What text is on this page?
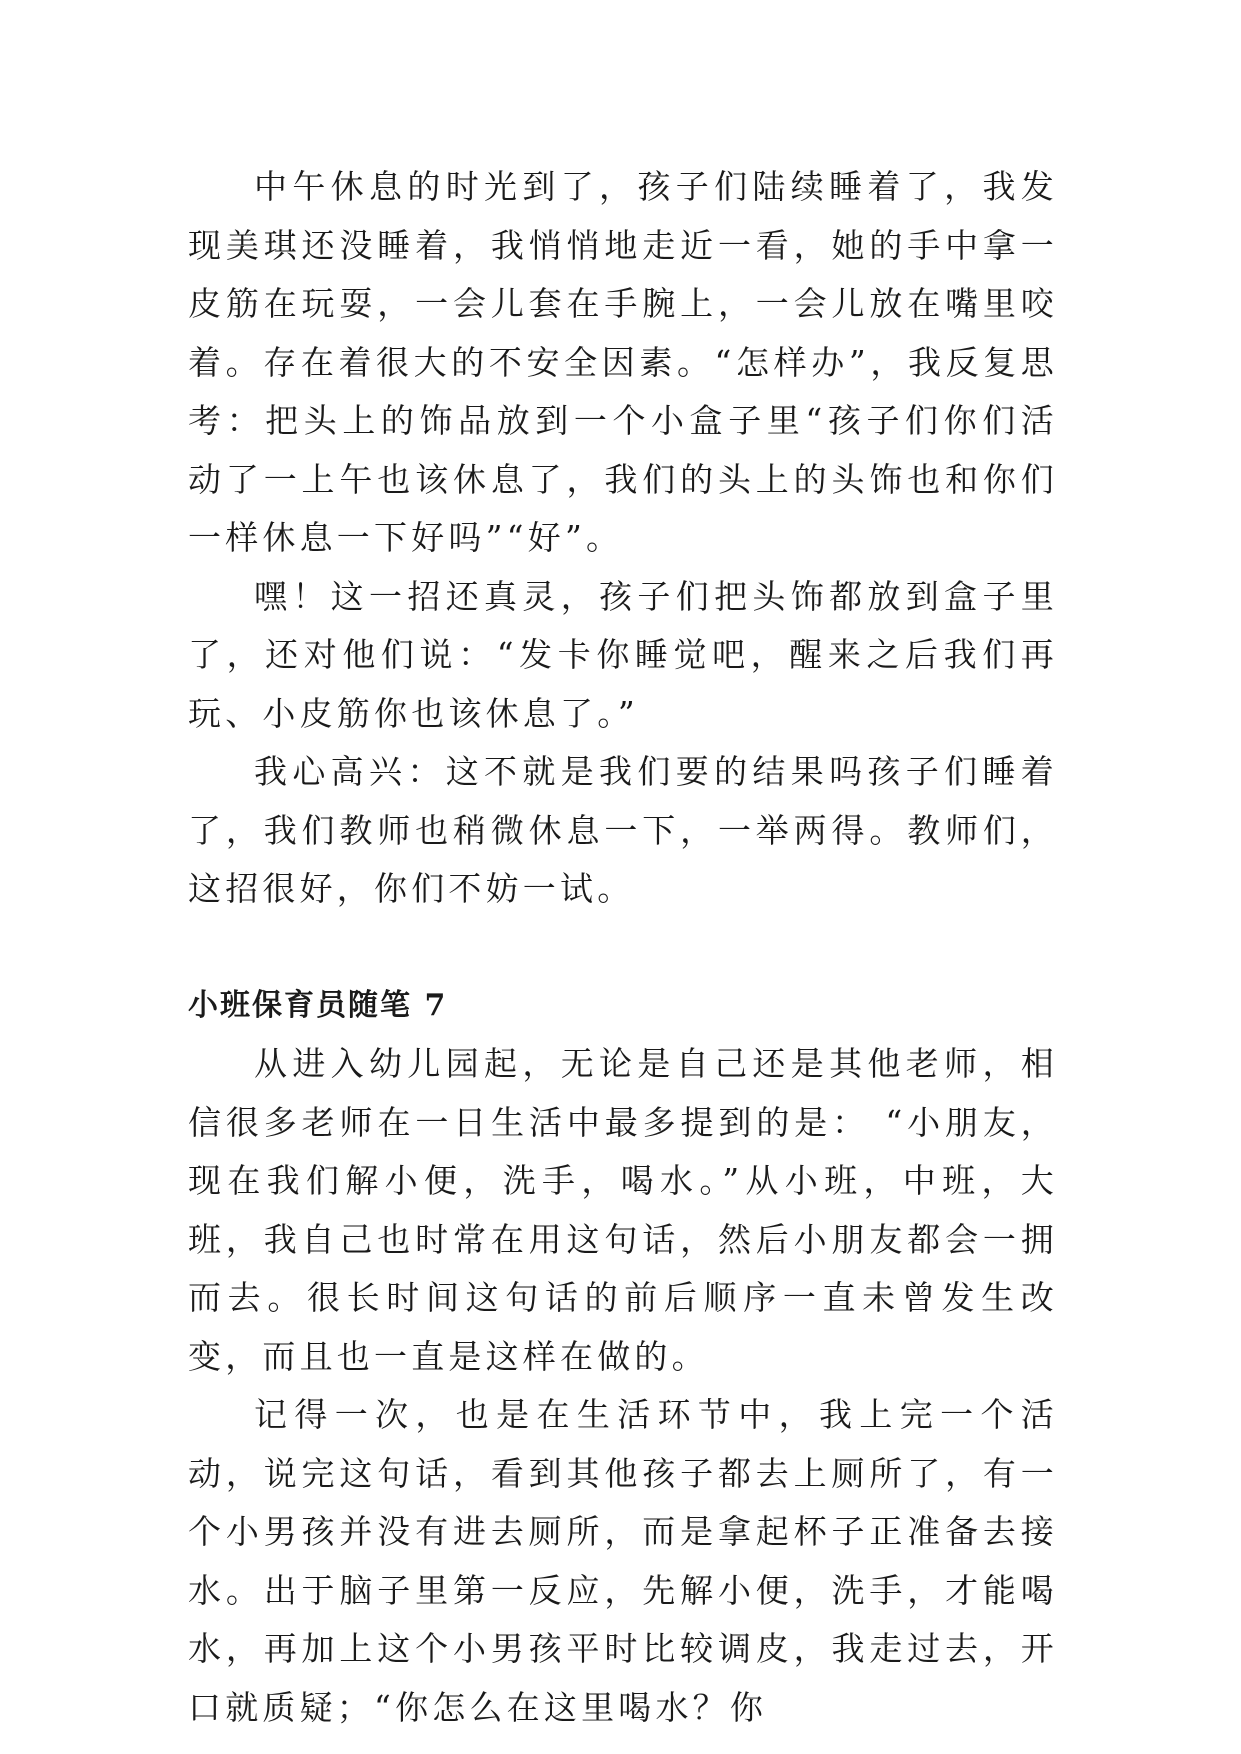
中午休息的时光到了，孩子们陆续睡着了，我发现美琪还没睡着，我悄悄地走近一看，她的手中拿一皮筋在玩耍，一会儿套在手腕上，一会儿放在嘴里咬着。存在着很大的不安全因素。“怎样办”，我反复思考：把头上的饰品放到一个小盒子里“孩子们你们活动了一上午也该休息了，我们的头上的头饰也和你们一样休息一下好吗”“好”。

嘿！这一招还真灵，孩子们把头饰都放到盒子里了，还对他们说：“发卡你睡觉吧，醒来之后我们再玩、小皮筋你也该休息了。”

我心高兴：这不就是我们要的结果吗孩子们睡着了，我们教师也稍微休息一下，一举两得。教师们，这招很好，你们不妨一试。

小班保育员随笔 7

从进入幼儿园起，无论是自己还是其他老师，相信很多老师在一日生活中最多提到的是： “小朋友，现在我们解小便，洗手，喝水。”从小班，中班，大班，我自己也时常在用这句话，然后小朋友都会一拥而去。很长时间这句话的前后顺序一直未曾发生改变，而且也一直是这样在做的。

记得一次，也是在生活环节中，我上完一个活动，说完这句话，看到其他孩子都去上厕所了，有一个小男孩并没有进去厕所，而是拿起杯子正准备去接水。出于脑子里第一反应，先解小便，洗手，才能喝水，再加上这个小男孩平时比较调皮，我走过去，开口就质疑；“你怎么在这里喝水？你
